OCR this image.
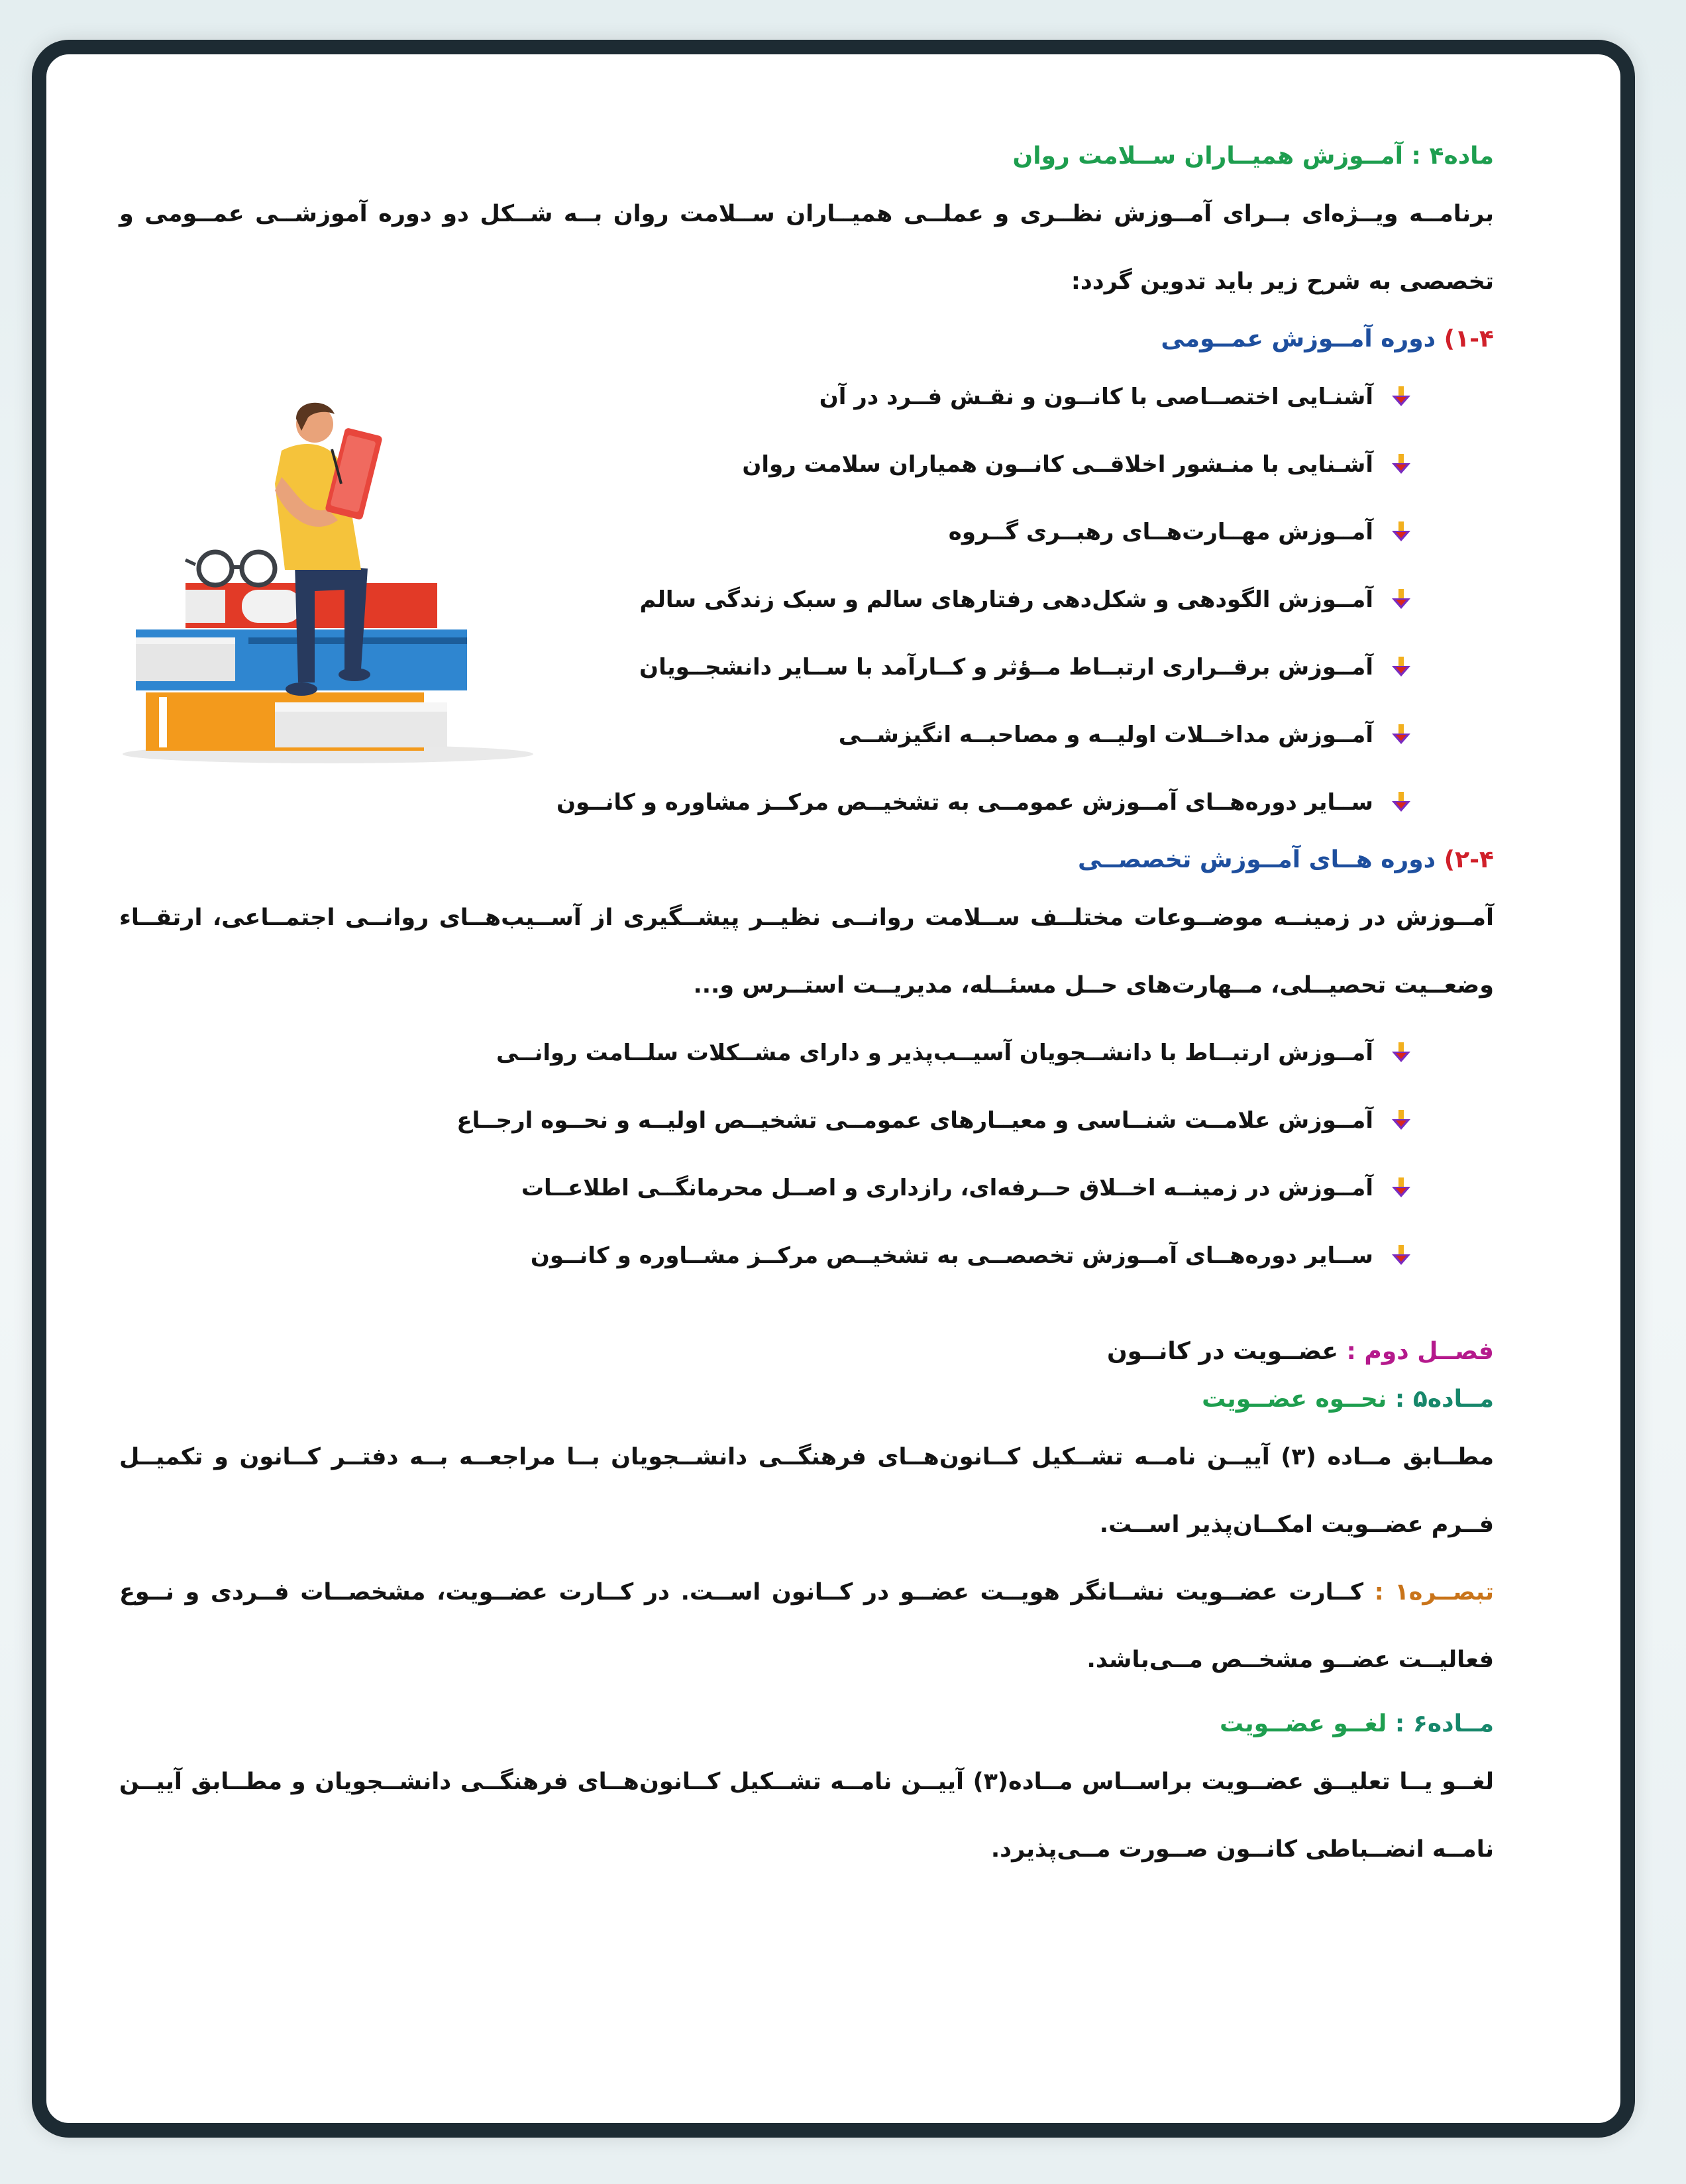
ماده۴ : آمــوزش همیــاران ســلامت روان

برنامــه ویــژه‌ای بــرای آمــوزش نظــری و عملــی همیــاران ســلامت روان بــه شــکل دو دوره آموزشــی عمــومی و تخصصی به شرح زیر باید تدوین گردد:

۱-۴) دوره آمــوزش عمــومی

آشنـایی اختصــاصی با کانــون و نقـش فــرد در آن
آشـنایی با منـشور اخلاقــی کانــون همیاران سلامت روان
آمــوزش مهــارت‌هــای رهبــری گــروه
آمــوزش الگودهی و شکل‌دهی رفتارهای سالم و سبک زندگی سالم
آمــوزش برقــراری ارتبــاط مــؤثر و کــارآمد با ســایر دانشجــویان
آمــوزش مداخــلات اولیــه و مصاحبــه انگیزشــی
ســایر دوره‌هــای آمــوزش عمومــی به تشخیــص مرکــز مشاوره و کانــون

۲-۴) دوره هــای آمــوزش تخصصــی

آمــوزش در زمینــه موضــوعات مختلــف ســلامت روانــی نظیــر پیشــگیری از آســیب‌هــای روانــی اجتمــاعی، ارتقــاء وضعــیت تحصیــلی، مــهارت‌های حــل مسئــله، مدیریــت استــرس و...

آمــوزش ارتبــاط با دانشــجویان آسیــب‌پذیر و دارای مشــکلات سلــامت روانــی
آمــوزش علامــت شنــاسی و معیــارهای عمومــی تشخیــص اولیــه و نحــوه ارجــاع
آمــوزش در زمینــه اخــلاق حــرفه‌ای، رازداری و اصــل محرمانگــی اطلاعــات
ســایر دوره‌هــای آمــوزش تخصصــی به تشخیــص مرکــز مشــاوره و کانــون

فصــل دوم : عضــویت در کانــون

مــاده۵ : نحــوه عضــویت

مطــابق مــاده (۳) آییــن نامــه تشــکیل کــانون‌هــای فرهنگــی دانشــجویان بــا مراجعــه بــه دفتــر کــانون و تکمیــل فــرم عضــویت امکــان‌پذیر اســت.

تبصــره۱ : کــارت عضــویت نشــانگر هویــت عضــو در کــانون اســت. در کــارت عضــویت، مشخصــات فــردی و نــوع فعالیــت عضــو مشخــص مــی‌باشد.

مــاده۶ : لغــو عضــویت

لغــو یــا تعلیــق عضــویت براســاس مــاده(۳) آییــن نامــه تشــکیل کــانون‌هــای فرهنگــی دانشــجویان و مطــابق آییــن نامــه انضــباطی کانــون صــورت مــی‌پذیرد.
